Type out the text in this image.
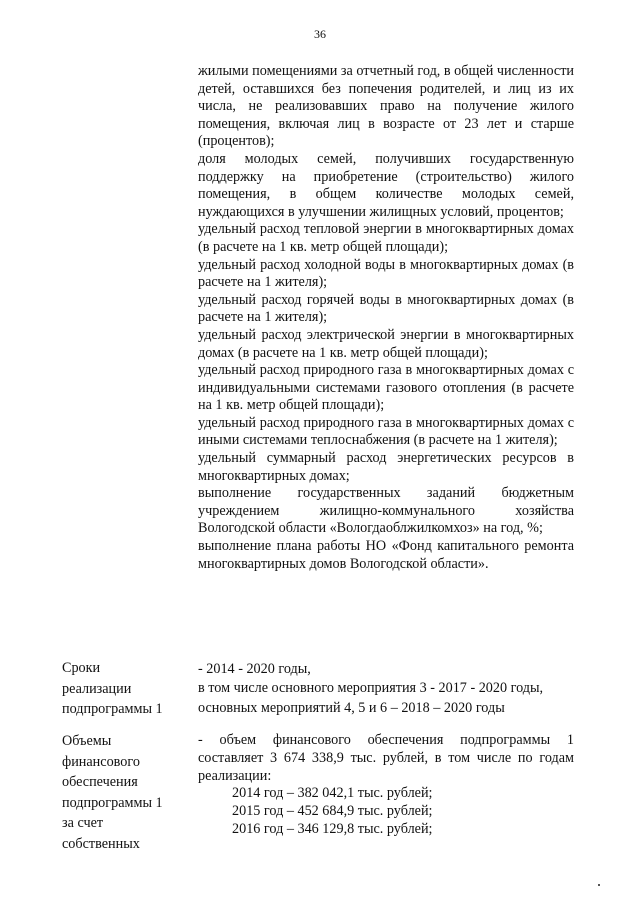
36

жилыми помещениями за отчетный год, в общей численности детей, оставшихся без попечения родителей, и лиц из их числа, не реализовавших право на получение жилого помещения, включая лиц в возрасте от 23 лет и старше (процентов);

доля молодых семей, получивших государственную поддержку на приобретение (строительство) жилого помещения, в общем количестве молодых семей, нуждающихся в улучшении жилищных условий, процентов;

удельный расход тепловой энергии в многоквартирных домах (в расчете на 1 кв. метр общей площади);

удельный расход холодной воды в многоквартирных домах (в расчете на 1 жителя);

удельный расход горячей воды в многоквартирных домах (в расчете на 1 жителя);

удельный расход электрической энергии в многоквартирных домах (в расчете на 1 кв. метр общей площади);

удельный расход природного газа в многоквартирных домах с индивидуальными системами газового отопления (в расчете на 1 кв. метр общей площади);

удельный расход природного газа в многоквартирных домах с иными системами теплоснабжения (в расчете на 1 жителя);

удельный суммарный расход энергетических ресурсов в многоквартирных домах;

выполнение государственных заданий бюджетным учреждением жилищно-коммунального хозяйства Вологодской области «Вологдаоблжилкомхоз» на год, %;

выполнение плана работы НО «Фонд капитального ремонта многоквартирных домов Вологодской области».

Сроки

реализации

подпрограммы 1

- 2014 - 2020 годы,

в том числе основного мероприятия 3 - 2017 - 2020 годы,

основных мероприятий 4, 5 и 6 – 2018 – 2020 годы

Объемы

финансового

обеспечения

подпрограммы 1

за счет

собственных

- объем финансового обеспечения подпрограммы 1 составляет 3 674 338,9 тыс. рублей, в том числе по годам реализации:

2014 год – 382 042,1 тыс. рублей;

2015 год – 452 684,9 тыс. рублей;

2016 год – 346 129,8 тыс. рублей;
